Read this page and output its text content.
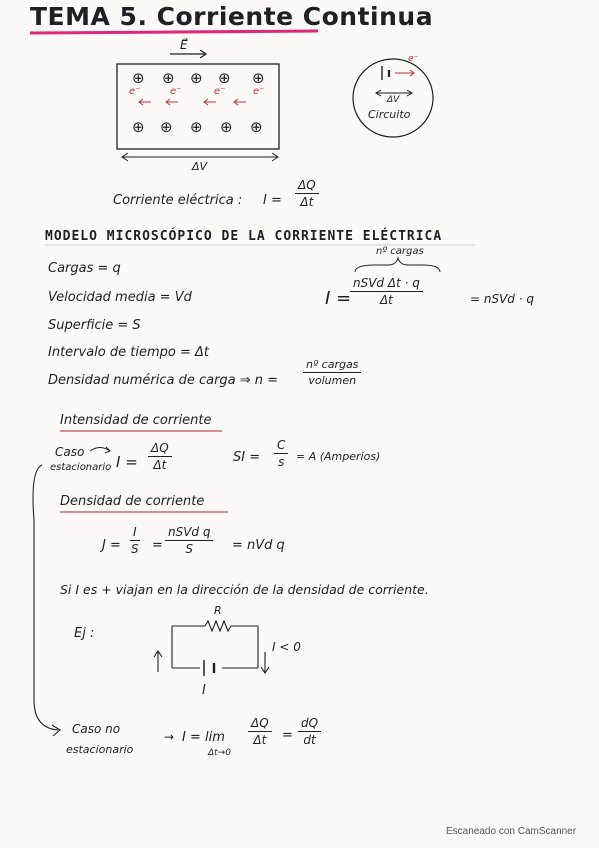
TEMA 5. Corriente Continua
E⃗
⊕ ⊕ ⊕ ⊕ ⊕
e⁻	e⁻	e⁻	e⁻
⊕ ⊕ ⊕ ⊕ ⊕
ΔV
e⁻
ΔV
Circuito
Corriente eléctrica : $I = \frac{\Delta Q}{\Delta t}$
MODELO MICROSCÓPICO DE LA CORRIENTE ELÉCTRICA
Cargas = q
Velocidad media = Vd
Superficie = S
Intervalo de tiempo = Δt
Densidad numérica de carga ⇒ n =
nº cargas
volumen
nº cargas
I =
nSVd Δt · q
Δt	= nSVd · q
Intensidad de corriente
Caso
estacionario $I = \frac{\Delta Q}{\Delta t}$	SI = $\frac{C}{s} = A$ (Amperios)
Densidad de corriente
$J = \frac{I}{S}$ =
nSVd q
S	= nVd q
Si I es + viajan en la dirección de la densidad de corriente.
Ej :
R
I < 0
I
Caso no
estacionario
→ I = lim
Δt→0
$\frac{\Delta Q}{\Delta t} = \frac{dQ}{dt}$
Escaneado con CamScanner
